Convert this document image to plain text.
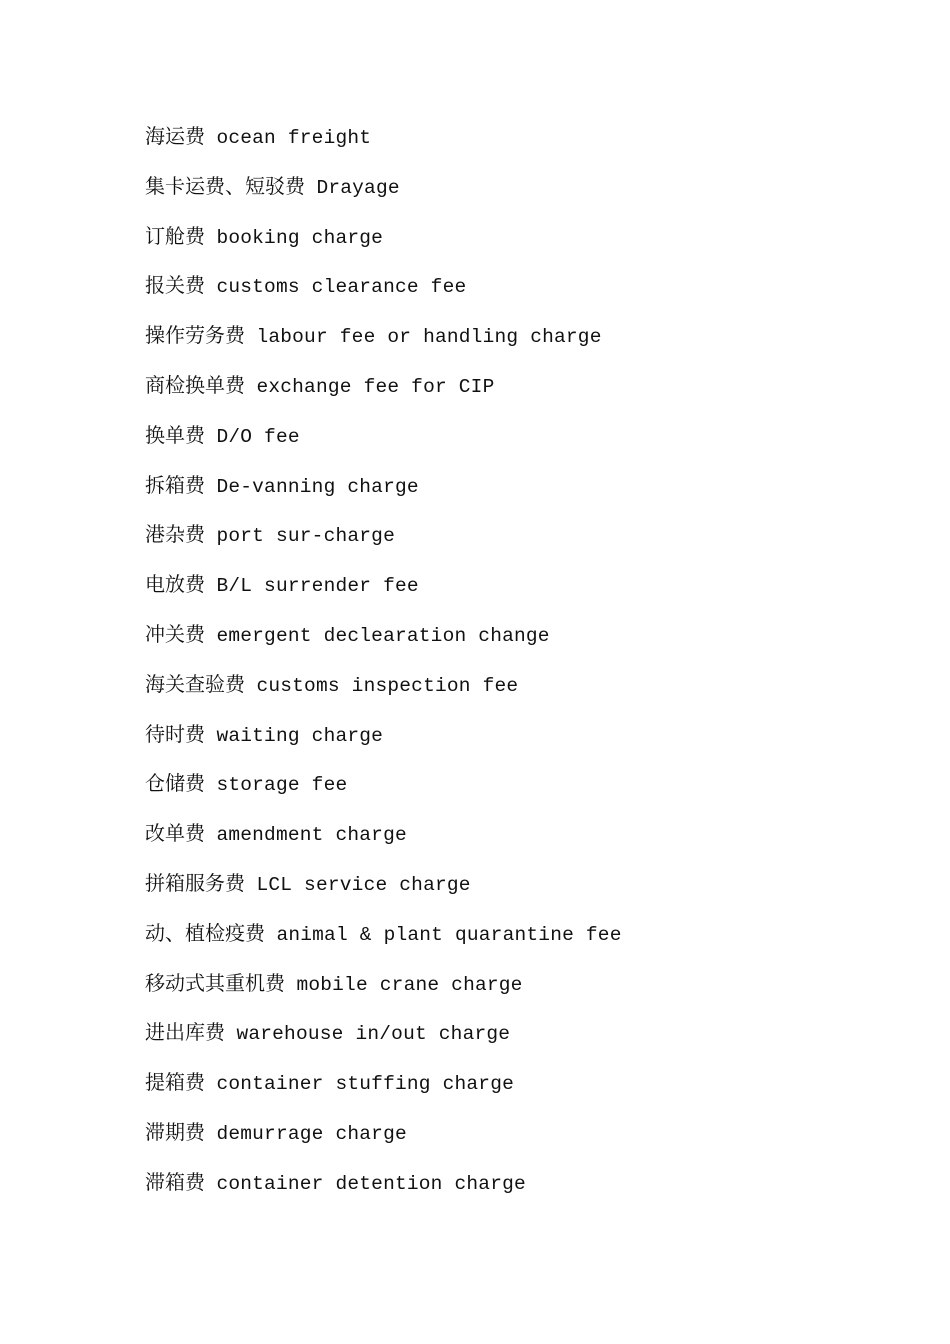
海运费 ocean freight
集卡运费、短驳费 Drayage
订舱费 booking charge
报关费 customs clearance fee
操作劳务费 labour fee or handling charge
商检换单费 exchange fee for CIP
换单费 D/O fee
拆箱费 De-vanning charge
港杂费 port sur-charge
电放费 B/L surrender fee
冲关费 emergent declearation change
海关查验费 customs inspection fee
待时费 waiting charge
仓储费 storage fee
改单费 amendment charge
拼箱服务费 LCL service charge
动、植检疫费 animal & plant quarantine fee
移动式其重机费 mobile crane charge
进出库费 warehouse in/out charge
提箱费 container stuffing charge
滞期费 demurrage charge
滞箱费 container detention charge
